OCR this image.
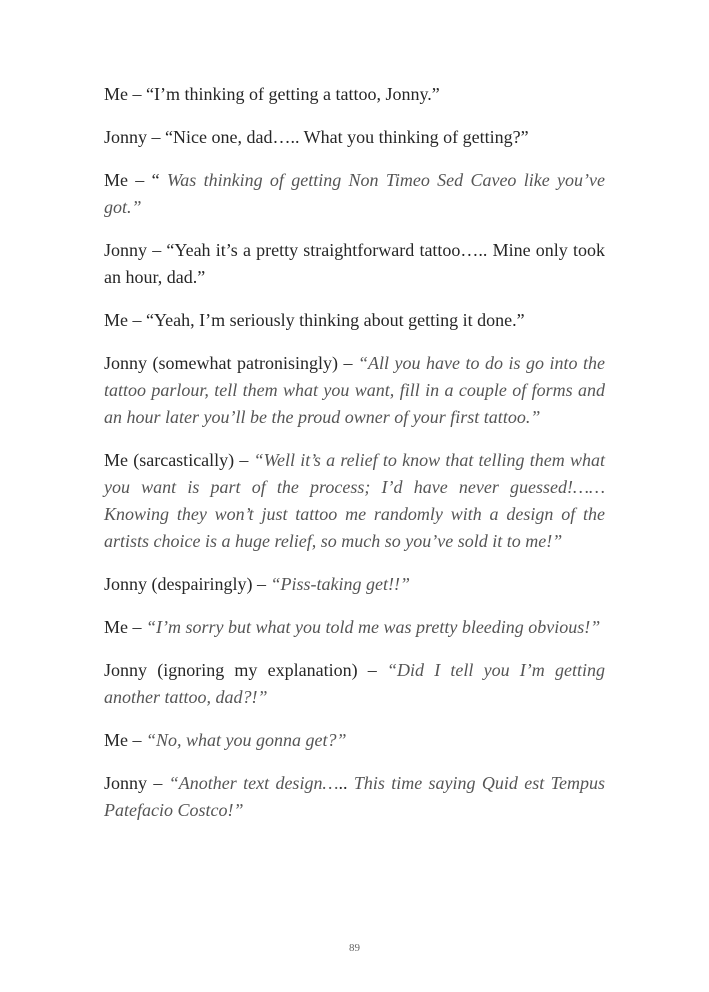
Me – “I’m thinking of getting a tattoo, Jonny.”

Jonny – “Nice one, dad….. What you thinking of getting?”

Me – “ Was thinking of getting Non Timeo Sed Caveo like you’ve got.”

Jonny – “Yeah it’s a pretty straightforward tattoo….. Mine only took an hour, dad.”

Me – “Yeah, I’m seriously thinking about getting it done.”

Jonny (somewhat patronisingly) – “All you have to do is go into the tattoo parlour, tell them what you want, fill in a couple of forms and an hour later you’ll be the proud owner of your first tattoo.”

Me (sarcastically) – “Well it’s a relief to know that telling them what you want is part of the process; I’d have never guessed!…… Knowing they won’t just tattoo me randomly with a design of the artists choice is a huge relief, so much so you’ve sold it to me!”

Jonny (despairingly) – “Piss-taking get!!”

Me – “I’m sorry but what you told me was pretty bleeding obvious!”

Jonny (ignoring my explanation) – “Did I tell you I’m getting another tattoo, dad?!”

Me – “No, what you gonna get?”

Jonny – “Another text design….. This time saying Quid est Tempus Patefacio Costco!”

89
